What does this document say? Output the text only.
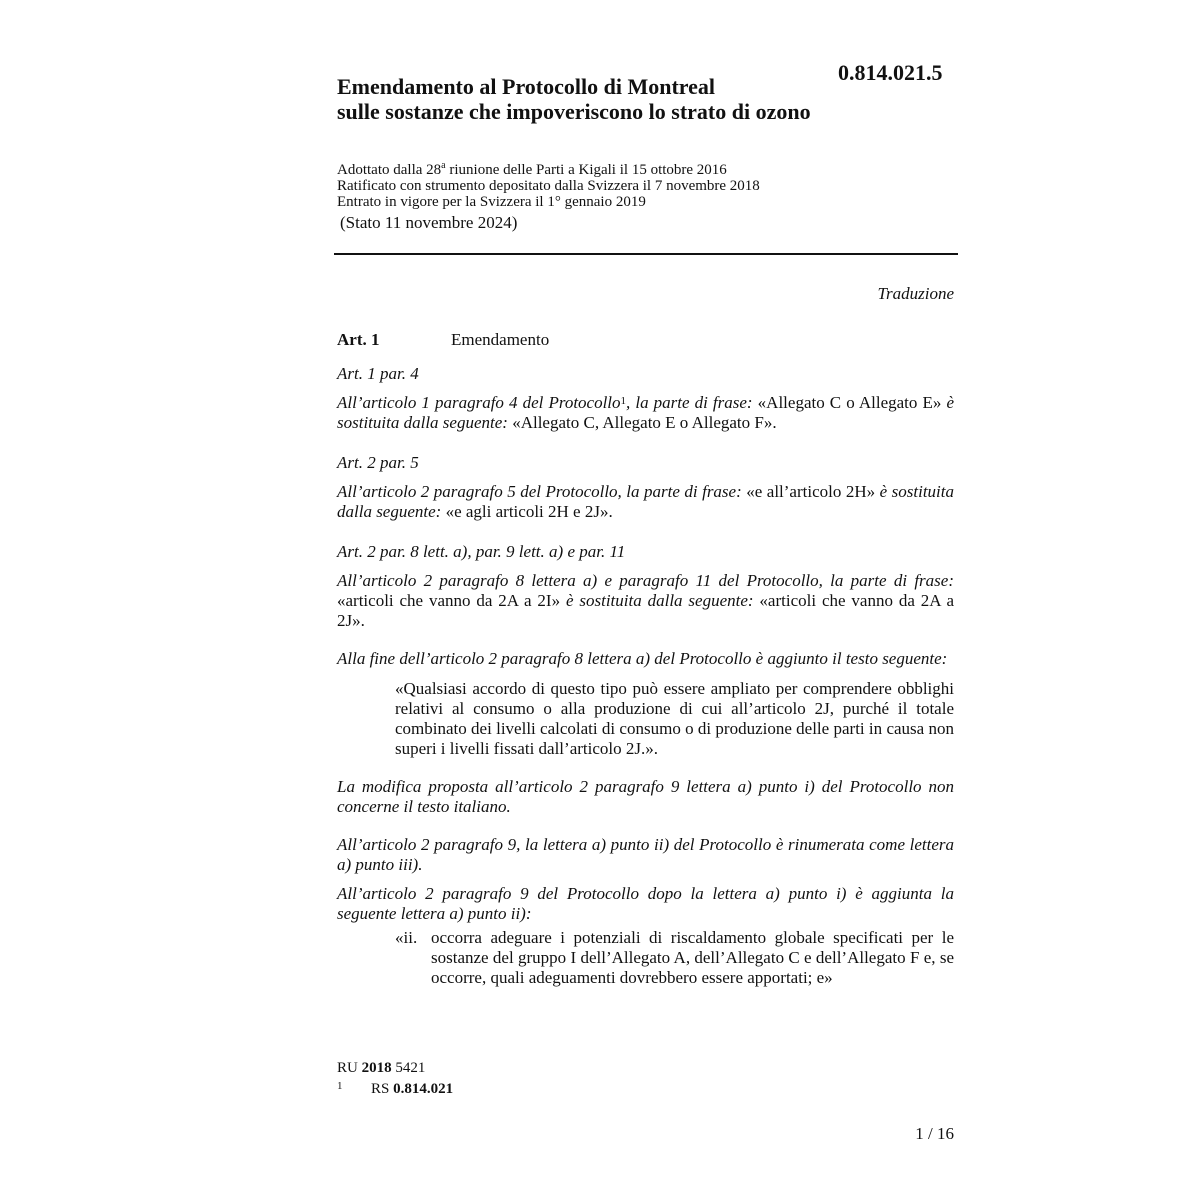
0.814.021.5
Emendamento al Protocollo di Montreal
sulle sostanze che impoveriscono lo strato di ozono
Adottato dalla 28$^a$ riunione delle Parti a Kigali il 15 ottobre 2016
Ratificato con strumento depositato dalla Svizzera il 7 novembre 2018
Entrato in vigore per la Svizzera il 1° gennaio 2019
(Stato 11 novembre 2024)
Traduzione
Art. 1	Emendamento

Art. 1 par. 4

All’articolo 1 paragrafo 4 del Protocollo$^1$, la parte di frase: «Allegato C o Allegato E» è sostituita dalla seguente: «Allegato C, Allegato E o Allegato F».

Art. 2 par. 5

All’articolo 2 paragrafo 5 del Protocollo, la parte di frase: «e all’articolo 2H» è sostituita dalla seguente: «e agli articoli 2H e 2J».

Art. 2 par. 8 lett. a), par. 9 lett. a) e par. 11

All’articolo 2 paragrafo 8 lettera a) e paragrafo 11 del Protocollo, la parte di frase: «articoli che vanno da 2A a 2I» è sostituita dalla seguente: «articoli che vanno da 2A a 2J».

Alla fine dell’articolo 2 paragrafo 8 lettera a) del Protocollo è aggiunto il testo seguente:

«Qualsiasi accordo di questo tipo può essere ampliato per comprendere obblighi relativi al consumo o alla produzione di cui all’articolo 2J, purché il totale combinato dei livelli calcolati di consumo o di produzione delle parti in causa non superi i livelli fissati dall’articolo 2J.».

La modifica proposta all’articolo 2 paragrafo 9 lettera a) punto i) del Protocollo non concerne il testo italiano.

All’articolo 2 paragrafo 9, la lettera a) punto ii) del Protocollo è rinumerata come lettera a) punto iii).

All’articolo 2 paragrafo 9 del Protocollo dopo la lettera a) punto i) è aggiunta la seguente lettera a) punto ii):

«ii. occorra adeguare i potenziali di riscaldamento globale specificati per le sostanze del gruppo I dell’Allegato A, dell’Allegato C e dell’Allegato F e, se occorre, quali adeguamenti dovrebbero essere apportati; e»
RU 2018 5421
1	RS 0.814.021
1 / 16
